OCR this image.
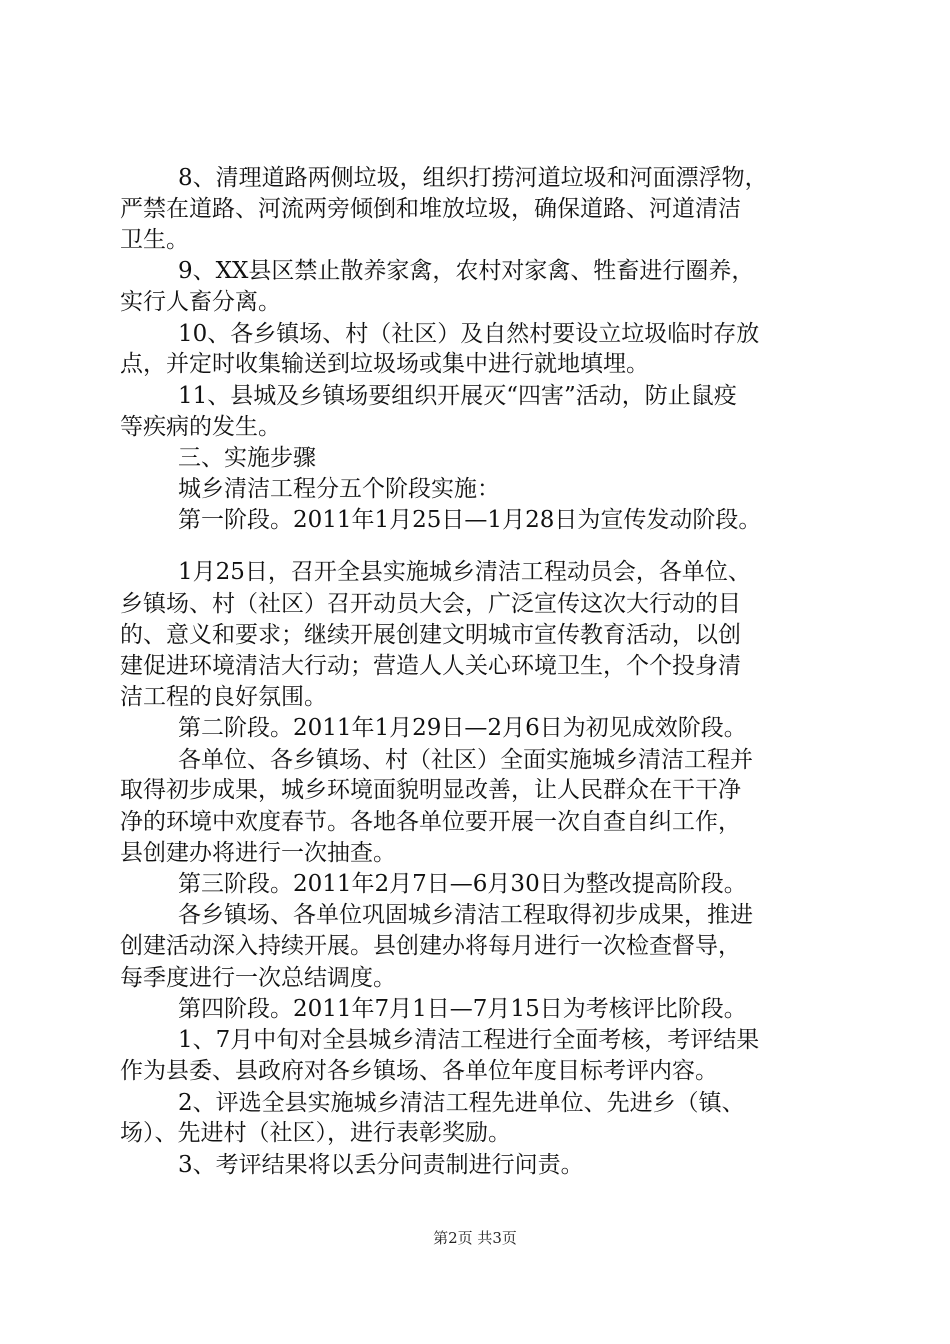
8、清理道路两侧垃圾，组织打捞河道垃圾和河面漂浮物，
严禁在道路、河流两旁倾倒和堆放垃圾，确保道路、河道清洁
卫生。
9、XX县区禁止散养家禽，农村对家禽、牲畜进行圈养，
实行人畜分离。
10、各乡镇场、村（社区）及自然村要设立垃圾临时存放
点，并定时收集输送到垃圾场或集中进行就地填埋。
11、县城及乡镇场要组织开展灭“四害”活动，防止鼠疫
等疾病的发生。
三、实施步骤
城乡清洁工程分五个阶段实施：
第一阶段。2011年1月25日—1月28日为宣传发动阶段。
1月25日，召开全县实施城乡清洁工程动员会，各单位、
乡镇场、村（社区）召开动员大会，广泛宣传这次大行动的目
的、意义和要求；继续开展创建文明城市宣传教育活动，以创
建促进环境清洁大行动；营造人人关心环境卫生，个个投身清
洁工程的良好氛围。
第二阶段。2011年1月29日—2月6日为初见成效阶段。
各单位、各乡镇场、村（社区）全面实施城乡清洁工程并
取得初步成果，城乡环境面貌明显改善，让人民群众在干干净
净的环境中欢度春节。各地各单位要开展一次自查自纠工作，
县创建办将进行一次抽查。
第三阶段。2011年2月7日—6月30日为整改提高阶段。
各乡镇场、各单位巩固城乡清洁工程取得初步成果，推进
创建活动深入持续开展。县创建办将每月进行一次检查督导，
每季度进行一次总结调度。
第四阶段。2011年7月1日—7月15日为考核评比阶段。
1、7月中旬对全县城乡清洁工程进行全面考核，考评结果
作为县委、县政府对各乡镇场、各单位年度目标考评内容。
2、评选全县实施城乡清洁工程先进单位、先进乡（镇、
场）、先进村（社区），进行表彰奖励。
3、考评结果将以丢分问责制进行问责。
第2页 共3页
